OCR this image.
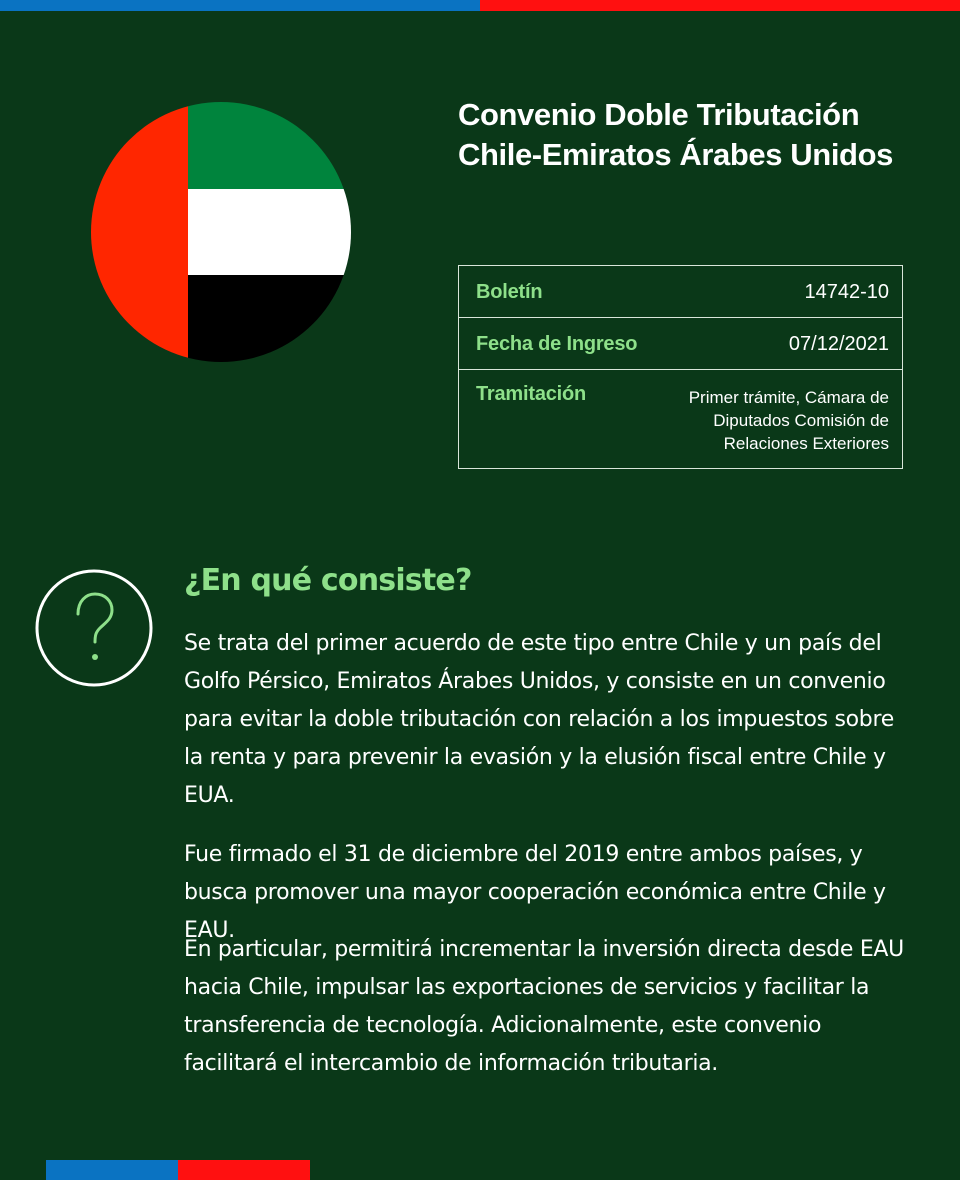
Convenio Doble Tributación Chile-Emiratos Árabes Unidos
Boletín	14742-10
Fecha de Ingreso	07/12/2021
Tramitación	Primer trámite, Cámara de Diputados Comisión de Relaciones Exteriores
¿En qué consiste?

Se trata del primer acuerdo de este tipo entre Chile y un país del Golfo Pérsico, Emiratos Árabes Unidos, y consiste en un convenio para evitar la doble tributación con relación a los impuestos sobre la renta y para prevenir la evasión y la elusión fiscal entre Chile y EUA.

Fue firmado el 31 de diciembre del 2019 entre ambos países, y busca promover una mayor cooperación económica entre Chile y EAU.

En particular, permitirá incrementar la inversión directa desde EAU hacia Chile, impulsar las exportaciones de servicios y facilitar la transferencia de tecnología. Adicionalmente, este convenio facilitará el intercambio de información tributaria.
